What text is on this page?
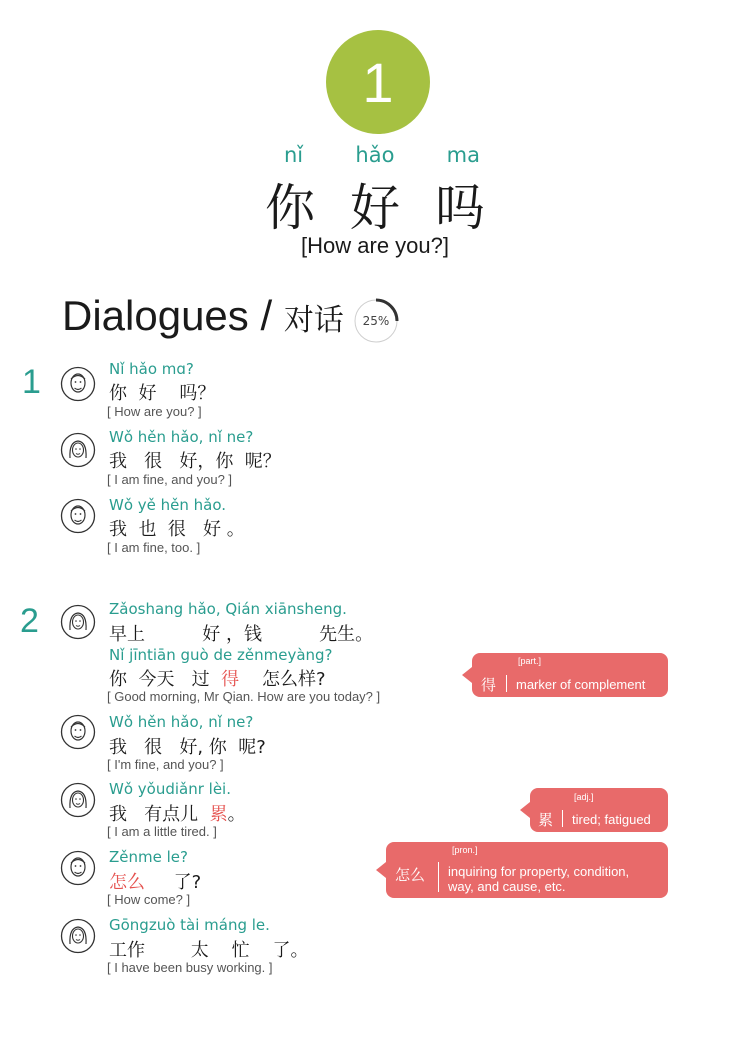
1
nǐ hǎo ma
你 好 吗
[How are you?]
Dialogues / 对话	25%
1	Nǐ hǎo mɑ?
你  好    吗？
[ How are you? ]
Wǒ hěn hǎo, nǐ ne?
我   很   好，你  呢？
[ I am fine, and you? ]
Wǒ yě hěn hǎo.
我  也  很   好 。
[ I am fine, too. ]
2	Zǎoshang hǎo, Qián xiānsheng.
早上          好 ，钱          先生。
Nǐ jīntiān guò de zěnmeyàng?
你  今天   过  得    怎么样?
[ Good morning, Mr Qian. How are you today? ]
Wǒ hěn hǎo, nǐ ne?
我   很   好, 你  呢?
[ I'm fine, and you? ]
Wǒ yǒudiǎnr lèi.
我   有点儿  累。
[ I am a little tired. ]
Zěnme le?
怎么     了?
[ How come? ]
Gōngzuò tài máng le.
工作        太    忙    了。
[ I have been busy working. ]
[part.]
得 marker of complement
[adj.]
累 tired; fatigued
[pron.]
怎么 inquiring for property, condition,
way, and cause, etc.
